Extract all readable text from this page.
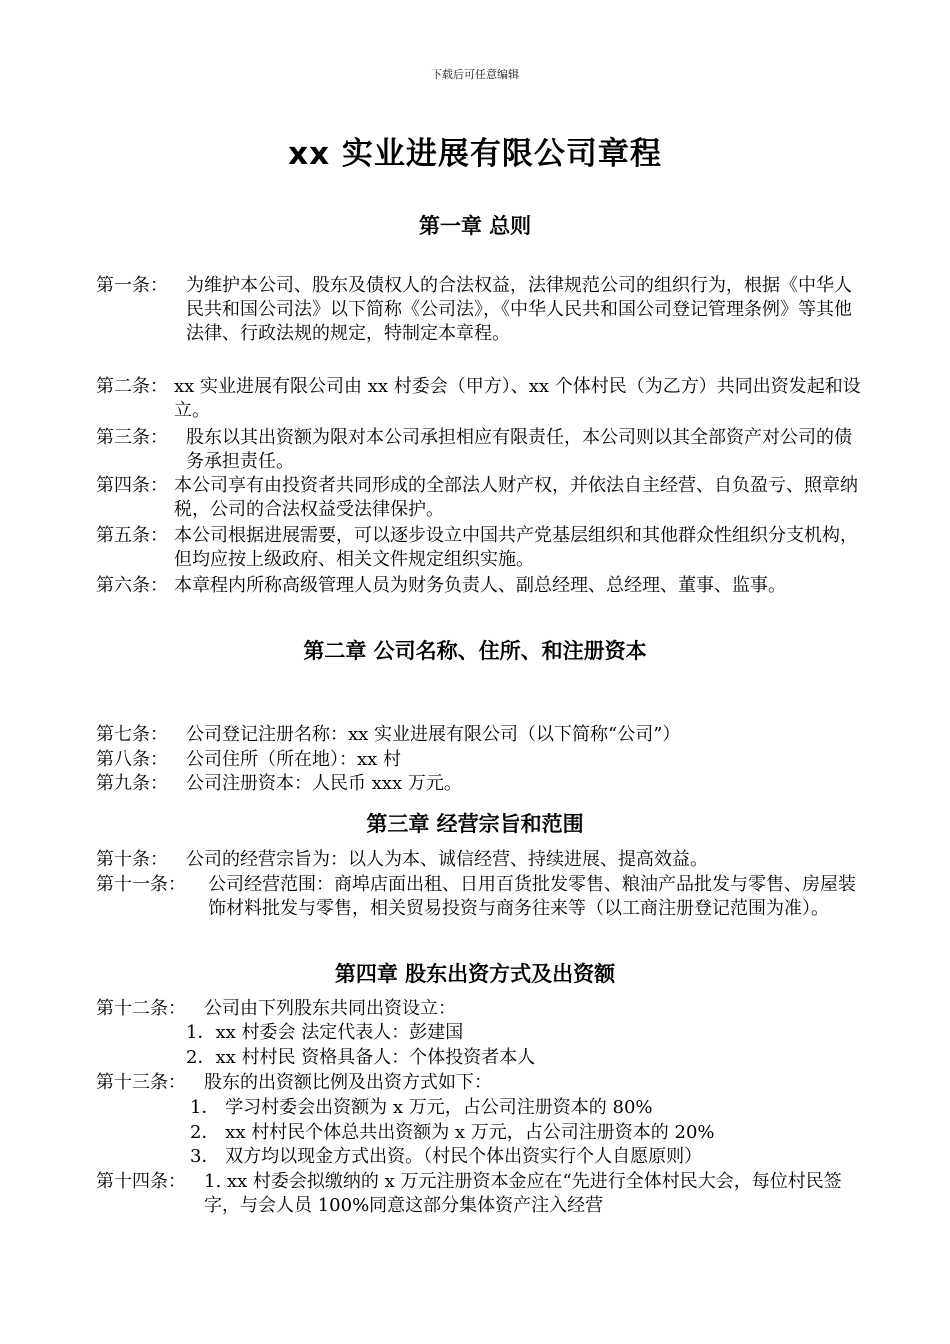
下载后可任意编辑
xx 实业进展有限公司章程
第一章 总则
第一条：	为维护本公司、股东及债权人的合法权益，法律规范公司的组织行为，根据《中华人民共和国公司法》以下简称《公司法》，《中华人民共和国公司登记管理条例》等其他法律、行政法规的规定，特制定本章程。
第二条： xx 实业进展有限公司由 xx 村委会（甲方）、xx 个体村民（为乙方）共同出资发起和设立。
第三条：	股东以其出资额为限对本公司承担相应有限责任，本公司则以其全部资产对公司的债务承担责任。
第四条： 本公司享有由投资者共同形成的全部法人财产权，并依法自主经营、自负盈亏、照章纳税，公司的合法权益受法律保护。
第五条： 本公司根据进展需要，可以逐步设立中国共产党基层组织和其他群众性组织分支机构，但均应按上级政府、相关文件规定组织实施。
第六条： 本章程内所称高级管理人员为财务负责人、副总经理、总经理、董事、监事。
第二章 公司名称、住所、和注册资本
第七条：	公司登记注册名称：xx 实业进展有限公司（以下简称“公司”）
第八条：	公司住所（所在地）：xx 村
第九条：	公司注册资本：人民币 xxx 万元。
第三章 经营宗旨和范围
第十条：	公司的经营宗旨为：以人为本、诚信经营、持续进展、提高效益。
第十一条：	公司经营范围：商埠店面出租、日用百货批发零售、粮油产品批发与零售、房屋装饰材料批发与零售，相关贸易投资与商务往来等（以工商注册登记范围为准）。
第四章 股东出资方式及出资额
第十二条：	公司由下列股东共同出资设立：
1．xx 村委会 法定代表人：彭建国
2．xx 村村民 资格具备人：个体投资者本人
第十三条：	股东的出资额比例及出资方式如下：
1． 学习村委会出资额为 x 万元，占公司注册资本的 80%
2． xx 村村民个体总共出资额为 x 万元，占公司注册资本的 20%
3． 双方均以现金方式出资。（村民个体出资实行个人自愿原则）
第十四条：	1. xx 村委会拟缴纳的 x 万元注册资本金应在“先进行全体村民大会，每位村民签字，与会人员 100%同意这部分集体资产注入经营
